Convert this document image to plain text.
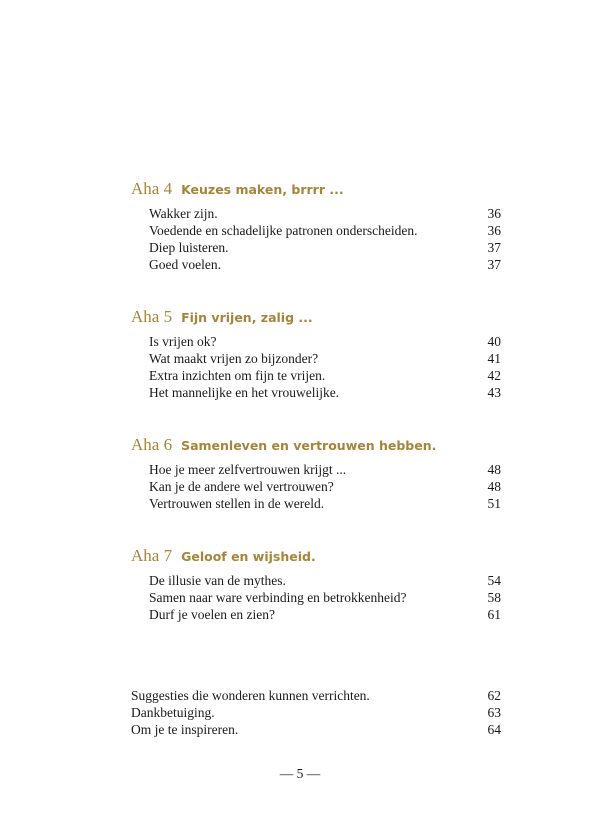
Aha 4 Keuzes maken, brrrr ...
Wakker zijn.	36
Voedende en schadelijke patronen onderscheiden.	36
Diep luisteren.	37
Goed voelen.	37
Aha 5 Fijn vrijen, zalig ...
Is vrijen ok?	40
Wat maakt vrijen zo bijzonder?	41
Extra inzichten om fijn te vrijen.	42
Het mannelijke en het vrouwelijke.	43
Aha 6 Samenleven en vertrouwen hebben.
Hoe je meer zelfvertrouwen krijgt ...	48
Kan je de andere wel vertrouwen?	48
Vertrouwen stellen in de wereld.	51
Aha 7 Geloof en wijsheid.
De illusie van de mythes.	54
Samen naar ware verbinding en betrokkenheid?	58
Durf je voelen en zien?	61
Suggesties die wonderen kunnen verrichten.	62
Dankbetuiging.	63
Om je te inspireren.	64
— 5 —
